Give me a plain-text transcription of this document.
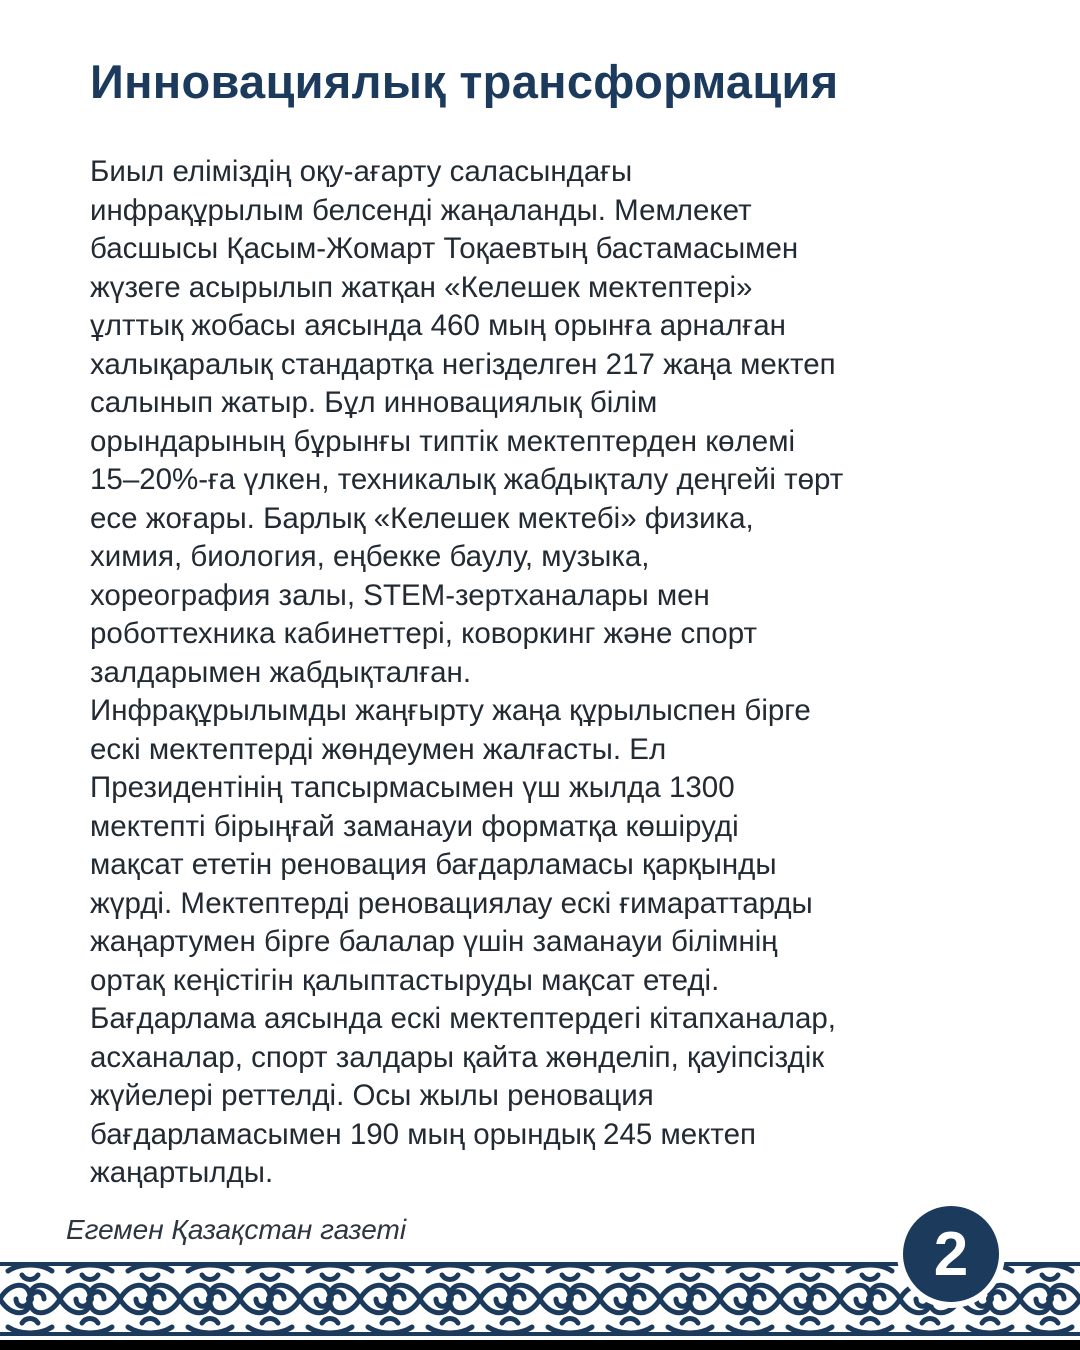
Инновациялық трансформация
Биыл еліміздің оқу-ағарту саласындағы
инфрақұрылым белсенді жаңаланды. Мемлекет
басшысы Қасым-Жомарт Тоқаевтың бастамасымен
жүзеге асырылып жатқан «Келешек мектептері»
ұлттық жобасы аясында 460 мың орынға арналған
халықаралық стандартқа негізделген 217 жаңа мектеп
салынып жатыр. Бұл инновациялық білім
орындарының бұрынғы типтік мектептерден көлемі
15–20%-ға үлкен, техникалық жабдықталу деңгейі төрт
есе жоғары. Барлық «Келешек мектебі» физика,
химия, биология, еңбекке баулу, музыка,
хореография залы, STEM-зертханалары мен
роботтехника кабинеттері, коворкинг және спорт
залдарымен жабдықталған.
Инфрақұрылымды жаңғырту жаңа құрылыспен бірге
ескі мектептерді жөндеумен жалғасты. Ел
Президентінің тапсырмасымен үш жылда 1300
мектепті бірыңғай заманауи форматқа көшіруді
мақсат ететін реновация бағдарламасы қарқынды
жүрді. Мектептерді реновациялау ескі ғимараттарды
жаңартумен бірге балалар үшін заманауи білімнің
ортақ кеңістігін қалыптастыруды мақсат етеді.
Бағдарлама аясында ескі мектептердегі кітапханалар,
асханалар, спорт залдары қайта жөнделіп, қауіпсіздік
жүйелері реттелді. Осы жылы реновация
бағдарламасымен 190 мың орындық 245 мектеп
жаңартылды.
Егемен Қазақстан газеті	2
